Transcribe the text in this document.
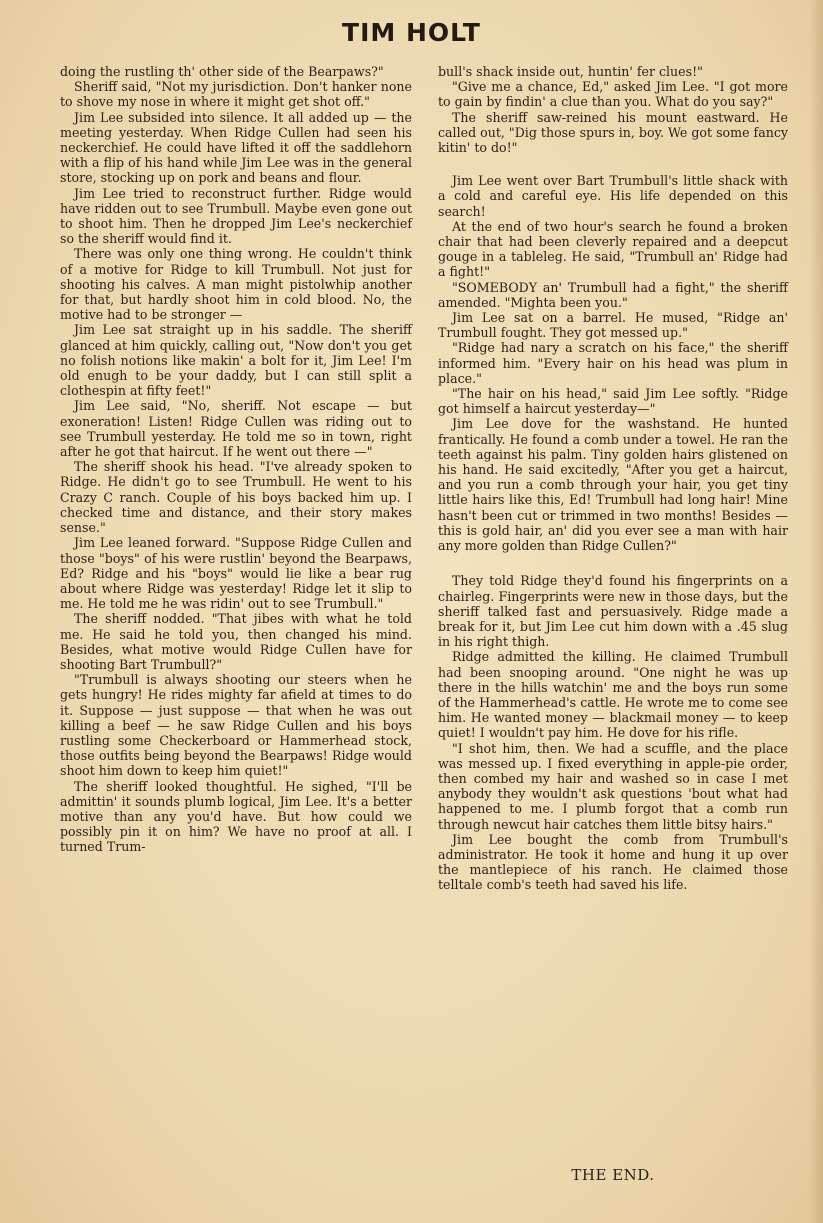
TIM HOLT

doing the rustling th' other side of the Bearpaws?"

Sheriff said, "Not my jurisdiction. Don't hanker none to shove my nose in where it might get shot off."

Jim Lee subsided into silence. It all added up — the meeting yesterday. When Ridge Cullen had seen his neckerchief. He could have lifted it off the saddlehorn with a flip of his hand while Jim Lee was in the general store, stocking up on pork and beans and flour.

Jim Lee tried to reconstruct further. Ridge would have ridden out to see Trumbull. Maybe even gone out to shoot him. Then he dropped Jim Lee's neckerchief so the sheriff would find it.

There was only one thing wrong. He couldn't think of a motive for Ridge to kill Trumbull. Not just for shooting his calves. A man might pistolwhip another for that, but hardly shoot him in cold blood. No, the motive had to be stronger —

Jim Lee sat straight up in his saddle. The sheriff glanced at him quickly, calling out, "Now don't you get no folish notions like makin' a bolt for it, Jim Lee! I'm old enugh to be your daddy, but I can still split a clothespin at fifty feet!"

Jim Lee said, "No, sheriff. Not escape — but exoneration! Listen! Ridge Cullen was riding out to see Trumbull yesterday. He told me so in town, right after he got that haircut. If he went out there —"

The sheriff shook his head. "I've already spoken to Ridge. He didn't go to see Trumbull. He went to his Crazy C ranch. Couple of his boys backed him up. I checked time and distance, and their story makes sense."

Jim Lee leaned forward. "Suppose Ridge Cullen and those "boys" of his were rustlin' beyond the Bearpaws, Ed? Ridge and his "boys" would lie like a bear rug about where Ridge was yesterday! Ridge let it slip to me. He told me he was ridin' out to see Trumbull."

The sheriff nodded. "That jibes with what he told me. He said he told you, then changed his mind. Besides, what motive would Ridge Cullen have for shooting Bart Trumbull?"

"Trumbull is always shooting our steers when he gets hungry! He rides mighty far afield at times to do it. Suppose — just suppose — that when he was out killing a beef — he saw Ridge Cullen and his boys rustling some Checkerboard or Hammerhead stock, those outfits being beyond the Bearpaws! Ridge would shoot him down to keep him quiet!"

The sheriff looked thoughtful. He sighed, "I'll be admittin' it sounds plumb logical, Jim Lee. It's a better motive than any you'd have. But how could we possibly pin it on him? We have no proof at all. I turned Trum-

bull's shack inside out, huntin' fer clues!"

"Give me a chance, Ed," asked Jim Lee. "I got more to gain by findin' a clue than you. What do you say?"

The sheriff saw-reined his mount eastward. He called out, "Dig those spurs in, boy. We got some fancy kitin' to do!"

Jim Lee went over Bart Trumbull's little shack with a cold and careful eye. His life depended on this search!

At the end of two hour's search he found a broken chair that had been cleverly repaired and a deepcut gouge in a tableleg. He said, "Trumbull an' Ridge had a fight!"

"SOMEBODY an' Trumbull had a fight," the sheriff amended. "Mighta been you."

Jim Lee sat on a barrel. He mused, "Ridge an' Trumbull fought. They got messed up."

"Ridge had nary a scratch on his face," the sheriff informed him. "Every hair on his head was plum in place."

"The hair on his head," said Jim Lee softly. "Ridge got himself a haircut yesterday—"

Jim Lee dove for the washstand. He hunted frantically. He found a comb under a towel. He ran the teeth against his palm. Tiny golden hairs glistened on his hand. He said excitedly, "After you get a haircut, and you run a comb through your hair, you get tiny little hairs like this, Ed! Trumbull had long hair! Mine hasn't been cut or trimmed in two months! Besides — this is gold hair, an' did you ever see a man with hair any more golden than Ridge Cullen?"

They told Ridge they'd found his fingerprints on a chairleg. Fingerprints were new in those days, but the sheriff talked fast and persuasively. Ridge made a break for it, but Jim Lee cut him down with a .45 slug in his right thigh.

Ridge admitted the killing. He claimed Trumbull had been snooping around. "One night he was up there in the hills watchin' me and the boys run some of the Hammerhead's cattle. He wrote me to come see him. He wanted money — blackmail money — to keep quiet! I wouldn't pay him. He dove for his rifle.

"I shot him, then. We had a scuffle, and the place was messed up. I fixed everything in apple-pie order, then combed my hair and washed so in case I met anybody they wouldn't ask questions 'bout what had happened to me. I plumb forgot that a comb run through newcut hair catches them little bitsy hairs."

Jim Lee bought the comb from Trumbull's administrator. He took it home and hung it up over the mantlepiece of his ranch. He claimed those telltale comb's teeth had saved his life.

THE END.
